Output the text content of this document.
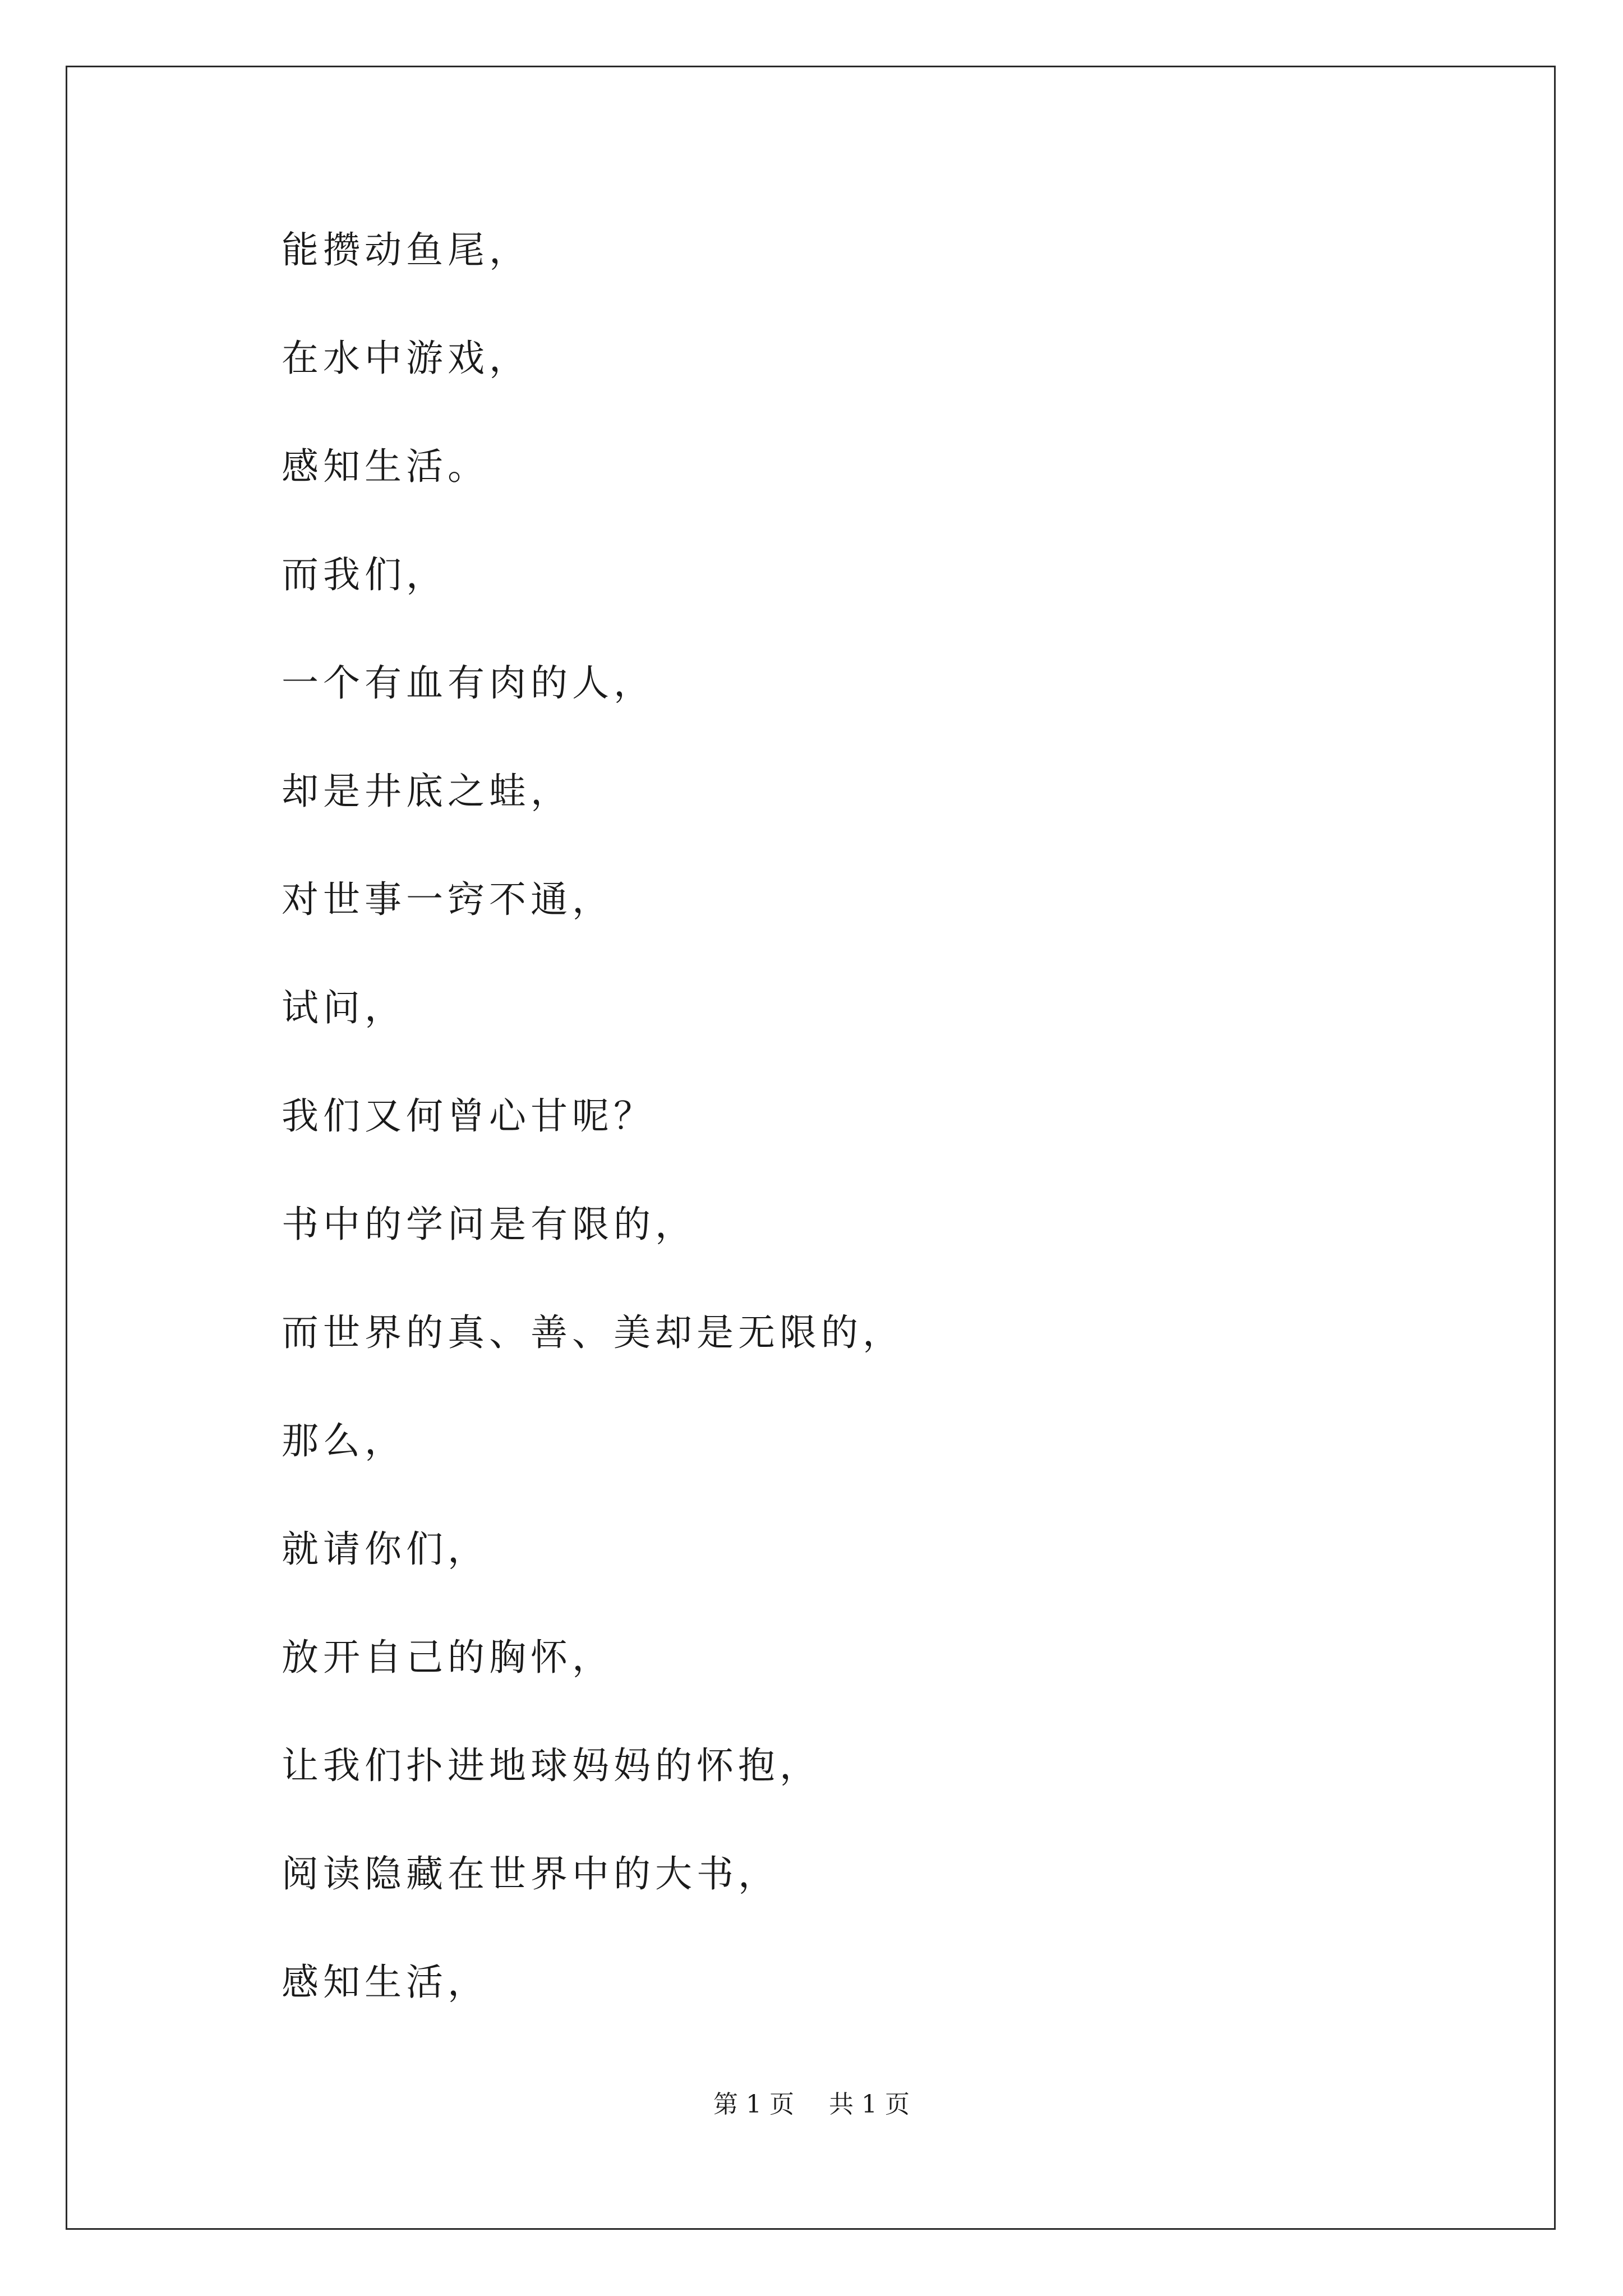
能攒动鱼尾，
在水中游戏，
感知生活。
而我们，
一个有血有肉的人，
却是井底之蛙，
对世事一窍不通，
试问，
我们又何曾心甘呢？
书中的学问是有限的，
而世界的真、善、美却是无限的，
那么，
就请你们，
放开自己的胸怀，
让我们扑进地球妈妈的怀抱，
阅读隐藏在世界中的大书，
感知生活，
第 1 页 共 1 页
